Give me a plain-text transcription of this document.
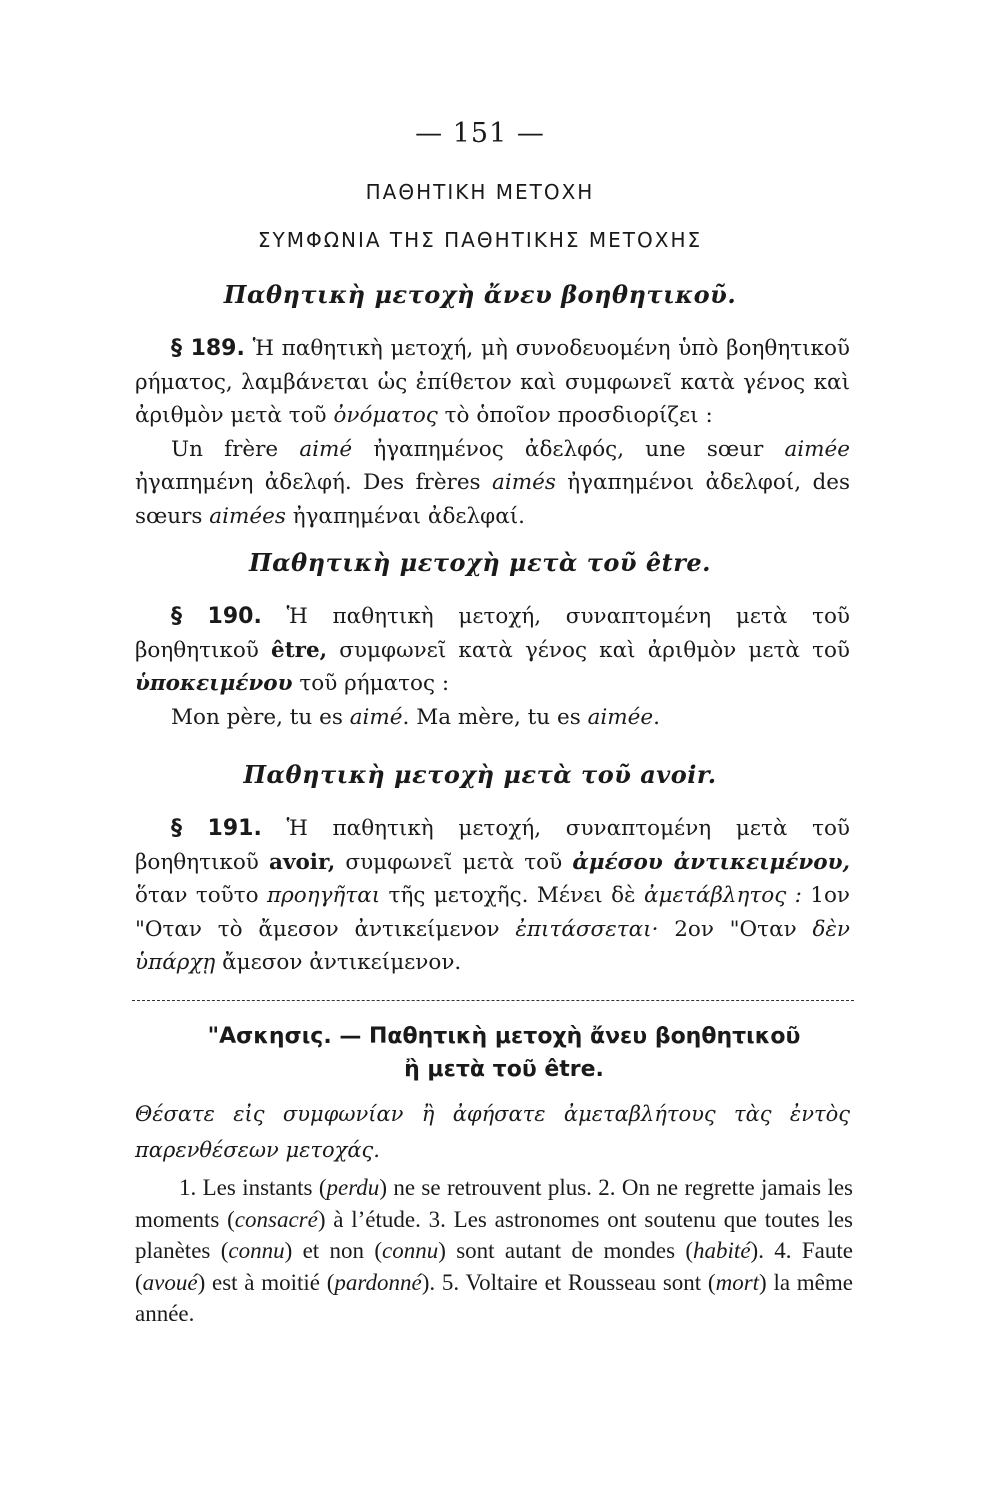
— 151 —
ΠΑΘΗΤΙΚΗ ΜΕΤΟΧΗ
ΣΥΜΦΩΝΙΑ ΤΗΣ ΠΑΘΗΤΙΚΗΣ ΜΕΤΟΧΗΣ
Παθητικὴ μετοχὴ ἄνευ βοηθητικοῦ.

§ 189. Ἡ παθητικὴ μετοχή, μὴ συνοδευομένη ὑπὸ βοηθητικοῦ ρήματος, λαμβάνεται ὡς ἐπίθετον καὶ συμφωνεῖ κατὰ γένος καὶ ἀριθμὸν μετὰ τοῦ ὀνόματος τὸ ὁποῖον προσδιορίζει :

Un frère aimé ἠγαπημένος ἀδελφός, une sœur aimée ἠγαπημένη ἀδελφή. Des frères aimés ἠγαπημένοι ἀδελφοί, des sœurs aimées ἠγαπημέναι ἀδελφαί.

Παθητικὴ μετοχὴ μετὰ τοῦ être.

§ 190. Ἡ παθητικὴ μετοχή, συναπτομένη μετὰ τοῦ βοηθητικοῦ être, συμφωνεῖ κατὰ γένος καὶ ἀριθμὸν μετὰ τοῦ ὑποκειμένου τοῦ ρήματος :

Mon père, tu es aimé. Ma mère, tu es aimée.

Παθητικὴ μετοχὴ μετὰ τοῦ avoir.

§ 191. Ἡ παθητικὴ μετοχή, συναπτομένη μετὰ τοῦ βοηθητικοῦ avoir, συμφωνεῖ μετὰ τοῦ ἀμέσου ἀντικειμένου, ὅταν τοῦτο προηγῆται τῆς μετοχῆς. Μένει δὲ ἀμετάβλητος : 1ον "Οταν τὸ ἄμεσον ἀντικείμενον ἐπιτάσσεται· 2ον "Οταν δὲν ὑπάρχῃ ἄμεσον ἀντικείμενον.

"Ασκησις. — Παθητικὴ μετοχὴ ἄνευ βοηθητικοῦ
ἢ μετὰ τοῦ être.
Θέσατε εἰς συμφωνίαν ἢ ἀφήσατε ἀμεταβλήτους τὰς ἐντὸς παρενθέσεων μετοχάς.

1. Les instants (perdu) ne se retrouvent plus. 2. On ne regrette jamais les moments (consacré) à l’étude. 3. Les astronomes ont soutenu que toutes les planètes (connu) et non (connu) sont autant de mondes (habité). 4. Faute (avoué) est à moitié (pardonné). 5. Voltaire et Rousseau sont (mort) la même année.
